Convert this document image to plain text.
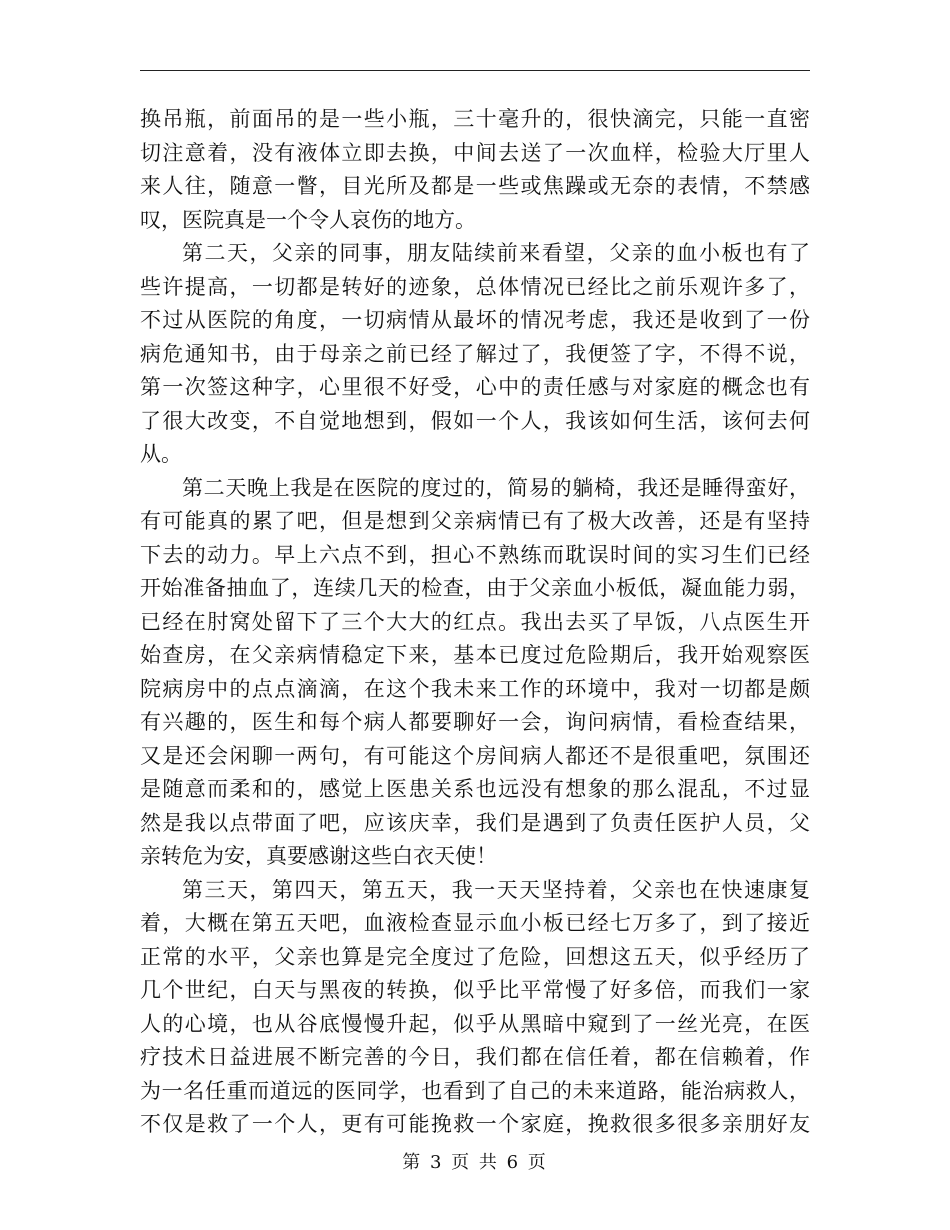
换吊瓶，前面吊的是一些小瓶，三十毫升的，很快滴完，只能一直密
切注意着，没有液体立即去换，中间去送了一次血样，检验大厅里人
来人往，随意一瞥，目光所及都是一些或焦躁或无奈的表情，不禁感
叹，医院真是一个令人哀伤的地方。
第二天，父亲的同事，朋友陆续前来看望，父亲的血小板也有了
些许提高，一切都是转好的迹象，总体情况已经比之前乐观许多了，
不过从医院的角度，一切病情从最坏的情况考虑，我还是收到了一份
病危通知书，由于母亲之前已经了解过了，我便签了字，不得不说，
第一次签这种字，心里很不好受，心中的责任感与对家庭的概念也有
了很大改变，不自觉地想到，假如一个人，我该如何生活，该何去何
从。
第二天晚上我是在医院的度过的，简易的躺椅，我还是睡得蛮好，
有可能真的累了吧，但是想到父亲病情已有了极大改善，还是有坚持
下去的动力。早上六点不到，担心不熟练而耽误时间的实习生们已经
开始准备抽血了，连续几天的检查，由于父亲血小板低，凝血能力弱，
已经在肘窝处留下了三个大大的红点。我出去买了早饭，八点医生开
始查房，在父亲病情稳定下来，基本已度过危险期后，我开始观察医
院病房中的点点滴滴，在这个我未来工作的环境中，我对一切都是颇
有兴趣的，医生和每个病人都要聊好一会，询问病情，看检查结果，
又是还会闲聊一两句，有可能这个房间病人都还不是很重吧，氛围还
是随意而柔和的，感觉上医患关系也远没有想象的那么混乱，不过显
然是我以点带面了吧，应该庆幸，我们是遇到了负责任医护人员，父
亲转危为安，真要感谢这些白衣天使！
第三天，第四天，第五天，我一天天坚持着，父亲也在快速康复
着，大概在第五天吧，血液检查显示血小板已经七万多了，到了接近
正常的水平，父亲也算是完全度过了危险，回想这五天，似乎经历了
几个世纪，白天与黑夜的转换，似乎比平常慢了好多倍，而我们一家
人的心境，也从谷底慢慢升起，似乎从黑暗中窥到了一丝光亮，在医
疗技术日益进展不断完善的今日，我们都在信任着，都在信赖着，作
为一名任重而道远的医同学，也看到了自己的未来道路，能治病救人，
不仅是救了一个人，更有可能挽救一个家庭，挽救很多很多亲朋好友
第 3 页 共 6 页
